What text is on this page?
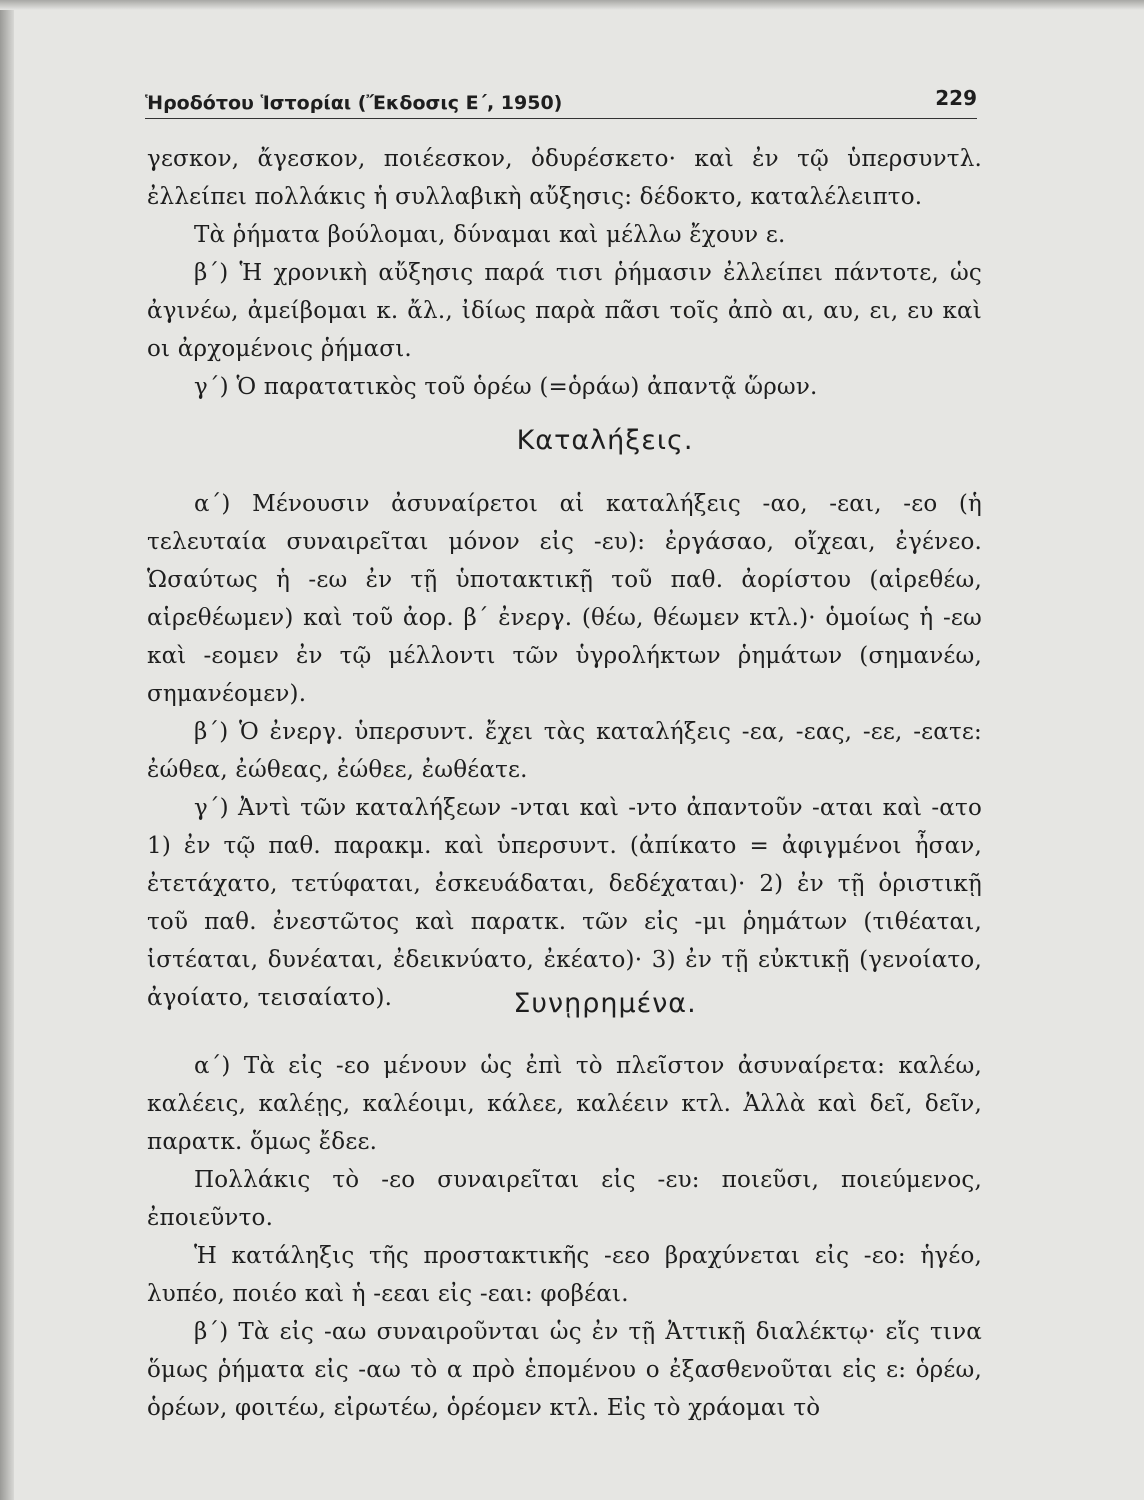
Ἡροδότου Ἱστορίαι (Ἔκδοσις Ε΄, 1950)	229

γεσκον, ἄγεσκον, ποιέεσκον, ὀδυρέσκετο· καὶ ἐν τῷ ὑπερσυντλ. ἐλλείπει πολλάκις ἡ συλλαβικὴ αὔξησις: δέδοκτο, καταλέλειπτο.

Τὰ ῥήματα βούλομαι, δύναμαι καὶ μέλλω ἔχουν ε.

β΄) Ἡ χρονικὴ αὔξησις παρά τισι ῥήμασιν ἐλλείπει πάντοτε, ὡς ἀγινέω, ἀμείβομαι κ. ἄλ., ἰδίως παρὰ πᾶσι τοῖς ἀπὸ αι, αυ, ει, ευ καὶ οι ἀρχομένοις ῥήμασι.

γ΄) Ὁ παρατατικὸς τοῦ ὁρέω (=ὁράω) ἀπαντᾷ ὥρων.

Καταλήξεις.

α΄) Μένουσιν ἀσυναίρετοι αἱ καταλήξεις -αο, -εαι, -εο (ἡ τελευταία συναιρεῖται μόνον εἰς -ευ): ἐργάσαο, οἴχεαι, ἐγένεο. Ὡσαύτως ἡ -εω ἐν τῇ ὑποτακτικῇ τοῦ παθ. ἀορίστου (αἱρεθέω, αἱρεθέωμεν) καὶ τοῦ ἀορ. β΄ ἐνεργ. (θέω, θέωμεν κτλ.)· ὁμοίως ἡ -εω καὶ -εομεν ἐν τῷ μέλλοντι τῶν ὑγρολήκτων ῥημάτων (σημανέω, σημανέομεν).

β΄) Ὁ ἐνεργ. ὑπερσυντ. ἔχει τὰς καταλήξεις -εα, -εας, -εε, -εατε: ἐώθεα, ἐώθεας, ἐώθεε, ἐωθέατε.

γ΄) Ἀντὶ τῶν καταλήξεων -νται καὶ -ντο ἀπαντοῦν -αται καὶ -ατο 1) ἐν τῷ παθ. παρακμ. καὶ ὑπερσυντ. (ἀπίκατο = ἀφιγμένοι ἦσαν, ἐτετάχατο, τετύφαται, ἐσκευάδαται, δεδέχαται)· 2) ἐν τῇ ὁριστικῇ τοῦ παθ. ἐνεστῶτος καὶ παρατκ. τῶν εἰς -μι ῥημάτων (τιθέαται, ἱστέαται, δυνέαται, ἐδεικνύατο, ἐκέατο)· 3) ἐν τῇ εὐκτικῇ (γενοίατο, ἀγοίατο, τεισαίατο).	Συνῃρημένα.

α΄) Τὰ εἰς -εο μένουν ὡς ἐπὶ τὸ πλεῖστον ἀσυναίρετα: καλέω, καλέεις, καλέῃς, καλέοιμι, κάλεε, καλέειν κτλ. Ἀλλὰ καὶ δεῖ, δεῖν, παρατκ. ὅμως ἔδεε.

Πολλάκις τὸ -εο συναιρεῖται εἰς -ευ: ποιεῦσι, ποιεύμενος, ἐποιεῦντο.

Ἡ κατάληξις τῆς προστακτικῆς -εεο βραχύνεται εἰς -εο: ἡγέο, λυπέο, ποιέο καὶ ἡ -εεαι εἰς -εαι: φοβέαι.

β΄) Τὰ εἰς -αω συναιροῦνται ὡς ἐν τῇ Ἀττικῇ διαλέκτῳ· εἴς τινα ὅμως ῥήματα εἰς -αω τὸ α πρὸ ἑπομένου ο ἐξασθενοῦται εἰς ε: ὁρέω, ὁρέων, φοιτέω, εἰρωτέω, ὁρέομεν κτλ. Εἰς τὸ χράομαι τὸ
